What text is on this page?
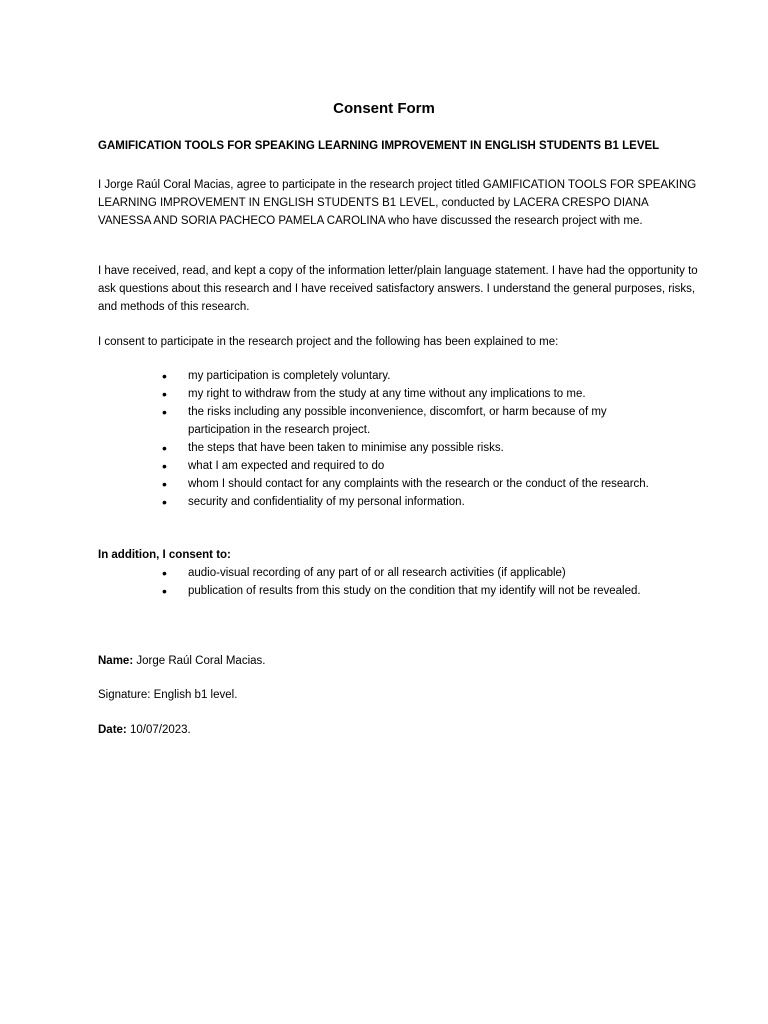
Consent Form
GAMIFICATION TOOLS FOR SPEAKING LEARNING IMPROVEMENT IN ENGLISH STUDENTS B1 LEVEL
I Jorge Raúl Coral Macias, agree to participate in the research project titled GAMIFICATION TOOLS FOR SPEAKING LEARNING IMPROVEMENT IN ENGLISH STUDENTS B1 LEVEL, conducted by LACERA CRESPO DIANA VANESSA AND SORIA PACHECO PAMELA CAROLINA who have discussed the research project with me.
I have received, read, and kept a copy of the information letter/plain language statement. I have had the opportunity to ask questions about this research and I have received satisfactory answers. I understand the general purposes, risks, and methods of this research.
I consent to participate in the research project and the following has been explained to me:
• my participation is completely voluntary.
• my right to withdraw from the study at any time without any implications to me.
• the risks including any possible inconvenience, discomfort, or harm because of my participation in the research project.
• the steps that have been taken to minimise any possible risks.
• what I am expected and required to do
• whom I should contact for any complaints with the research or the conduct of the research.
• security and confidentiality of my personal information.
In addition, I consent to:
• audio-visual recording of any part of or all research activities (if applicable)
• publication of results from this study on the condition that my identify will not be revealed.
Name: Jorge Raúl Coral Macias.
Signature: English b1 level.
Date: 10/07/2023.
